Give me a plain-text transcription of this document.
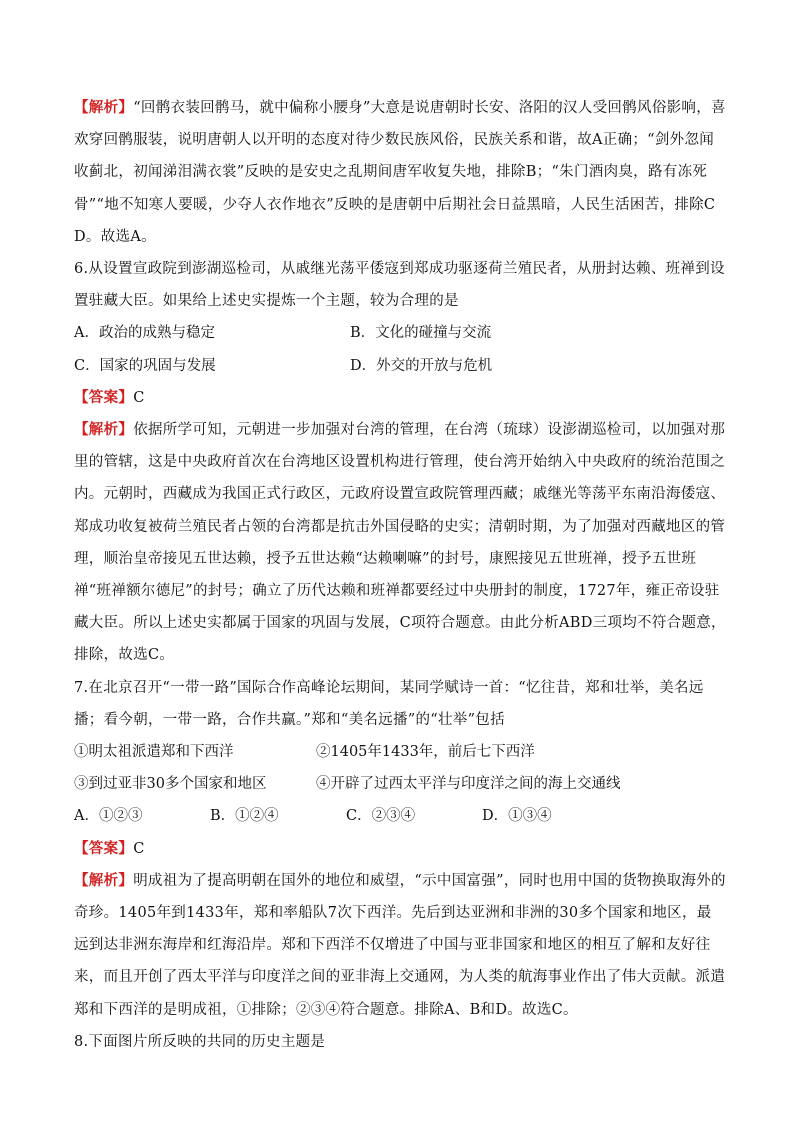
【解析】“回鹘衣装回鹘马，就中偏称小腰身”大意是说唐朝时长安、洛阳的汉人受回鹘风俗影响，喜欢穿回鹘服装，说明唐朝人以开明的态度对待少数民族风俗，民族关系和谐，故A正确；“剑外忽闻收蓟北，初闻涕泪满衣裳”反映的是安史之乱期间唐军收复失地，排除B；“朱门酒肉臭，路有冻死骨”“地不知寒人要暖，少夺人衣作地衣”反映的是唐朝中后期社会日益黑暗，人民生活困苦，排除CD。故选A。

6.从设置宣政院到澎湖巡检司，从戚继光荡平倭寇到郑成功驱逐荷兰殖民者，从册封达赖、班禅到设置驻藏大臣。如果给上述史实提炼一个主题，较为合理的是

A．政治的成熟与稳定	B．文化的碰撞与交流
C．国家的巩固与发展	D．外交的开放与危机

【答案】C

【解析】依据所学可知，元朝进一步加强对台湾的管理，在台湾（琉球）设澎湖巡检司，以加强对那里的管辖，这是中央政府首次在台湾地区设置机构进行管理，使台湾开始纳入中央政府的统治范围之内。元朝时，西藏成为我国正式行政区，元政府设置宣政院管理西藏；戚继光等荡平东南沿海倭寇、郑成功收复被荷兰殖民者占领的台湾都是抗击外国侵略的史实；清朝时期，为了加强对西藏地区的管理，顺治皇帝接见五世达赖，授予五世达赖“达赖喇嘛”的封号，康熙接见五世班禅，授予五世班禅“班禅额尔德尼”的封号；确立了历代达赖和班禅都要经过中央册封的制度，1727年，雍正帝设驻藏大臣。所以上述史实都属于国家的巩固与发展，C项符合题意。由此分析ABD三项均不符合题意，排除，故选C。

7.在北京召开“一带一路”国际合作高峰论坛期间，某同学赋诗一首：“忆往昔，郑和壮举，美名远播；看今朝，一带一路，合作共赢。”郑和“美名远播”的“壮举”包括

①明太祖派遣郑和下西洋	②1405年1433年，前后七下西洋
③到过亚非30多个国家和地区	④开辟了过西太平洋与印度洋之间的海上交通线
A．①②③	B．①②④	C．②③④	D．①③④

【答案】C

【解析】明成祖为了提高明朝在国外的地位和威望，“示中国富强”，同时也用中国的货物换取海外的奇珍。1405年到1433年，郑和率船队7次下西洋。先后到达亚洲和非洲的30多个国家和地区，最远到达非洲东海岸和红海沿岸。郑和下西洋不仅增进了中国与亚非国家和地区的相互了解和友好往来，而且开创了西太平洋与印度洋之间的亚非海上交通网，为人类的航海事业作出了伟大贡献。派遣郑和下西洋的是明成祖，①排除；②③④符合题意。排除A、B和D。故选C。

8.下面图片所反映的共同的历史主题是
